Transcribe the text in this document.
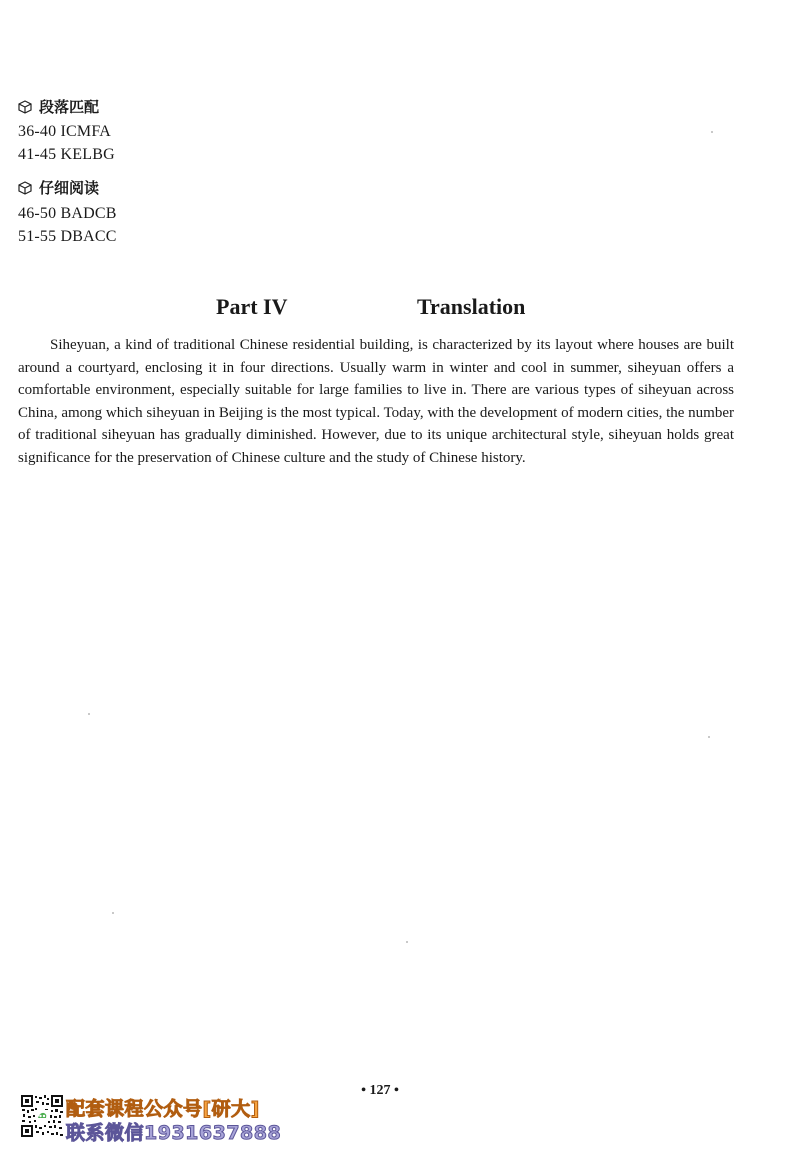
段落匹配
36-40 ICMFA
41-45 KELBG
仔细阅读
46-50 BADCB
51-55 DBACC
Part IV	Translation
Siheyuan, a kind of traditional Chinese residential building, is characterized by its layout where houses are built around a courtyard, enclosing it in four directions. Usually warm in winter and cool in summer, siheyuan offers a comfortable environment, especially suitable for large families to live in. There are various types of siheyuan across China, among which siheyuan in Beijing is the most typical. Today, with the development of modern cities, the number of traditional siheyuan has gradually diminished. However, due to its unique architectural style, siheyuan holds great significance for the preservation of Chinese culture and the study of Chinese history.
• 127 •
配套课程公众号[研大]
联系微信1931637888
